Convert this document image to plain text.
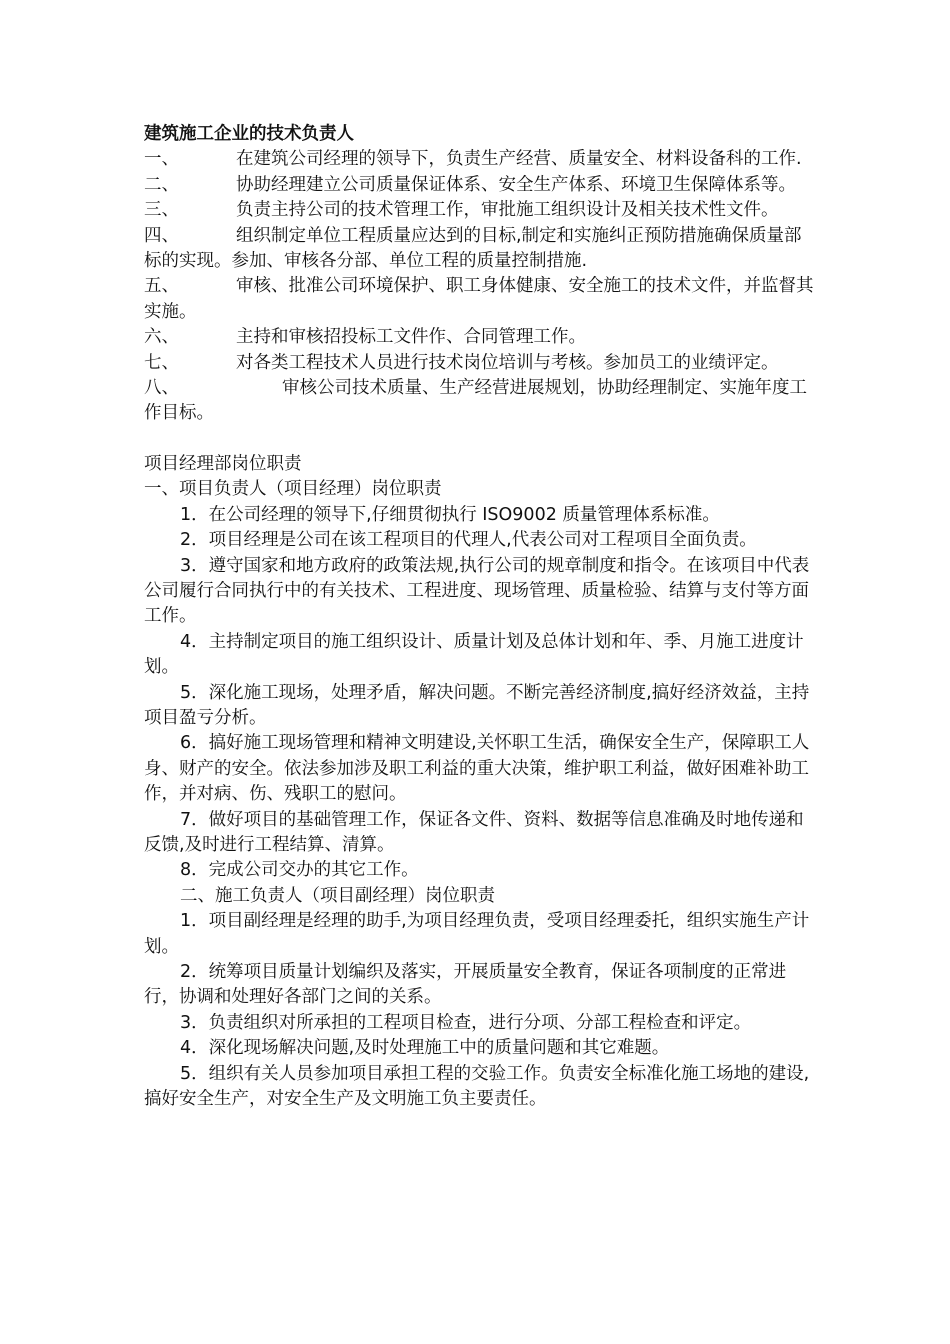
建筑施工企业的技术负责人

一、	在建筑公司经理的领导下，负责生产经营、质量安全、材料设备科的工作.

二、	协助经理建立公司质量保证体系、安全生产体系、环境卫生保障体系等。

三、	负责主持公司的技术管理工作，审批施工组织设计及相关技术性文件。

四、	组织制定单位工程质量应达到的目标,制定和实施纠正预防措施确保质量部标的实现。参加、审核各分部、单位工程的质量控制措施.

五、	审核、批准公司环境保护、职工身体健康、安全施工的技术文件，并监督其实施。

六、	主持和审核招投标工文件作、合同管理工作。

七、	对各类工程技术人员进行技术岗位培训与考核。参加员工的业绩评定。

八、	审核公司技术质量、生产经营进展规划，协助经理制定、实施年度工作目标。

项目经理部岗位职责

一、项目负责人（项目经理）岗位职责

1．在公司经理的领导下,仔细贯彻执行 ISO9002 质量管理体系标准。

2．项目经理是公司在该工程项目的代理人,代表公司对工程项目全面负责。

3．遵守国家和地方政府的政策法规,执行公司的规章制度和指令。在该项目中代表公司履行合同执行中的有关技术、工程进度、现场管理、质量检验、结算与支付等方面工作。

4．主持制定项目的施工组织设计、质量计划及总体计划和年、季、月施工进度计划。

5．深化施工现场，处理矛盾，解决问题。不断完善经济制度,搞好经济效益，主持项目盈亏分析。

6．搞好施工现场管理和精神文明建设,关怀职工生活，确保安全生产，保障职工人身、财产的安全。依法参加涉及职工利益的重大决策，维护职工利益，做好困难补助工作，并对病、伤、残职工的慰问。

7．做好项目的基础管理工作，保证各文件、资料、数据等信息准确及时地传递和反馈,及时进行工程结算、清算。

8．完成公司交办的其它工作。

二、施工负责人（项目副经理）岗位职责

1．项目副经理是经理的助手,为项目经理负责，受项目经理委托，组织实施生产计划。

2．统筹项目质量计划编织及落实，开展质量安全教育，保证各项制度的正常进行，协调和处理好各部门之间的关系。

3．负责组织对所承担的工程项目检查，进行分项、分部工程检查和评定。

4．深化现场解决问题,及时处理施工中的质量问题和其它难题。

5．组织有关人员参加项目承担工程的交验工作。负责安全标准化施工场地的建设,搞好安全生产，对安全生产及文明施工负主要责任。
